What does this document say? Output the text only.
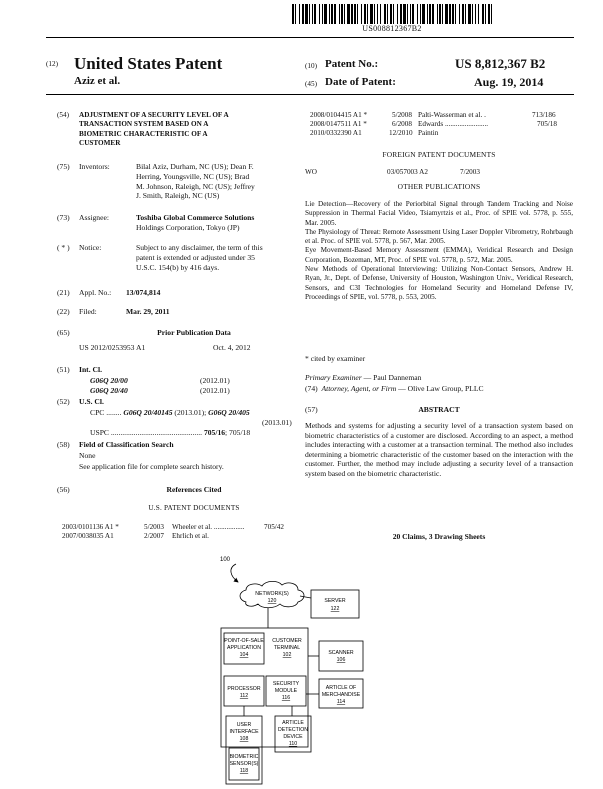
US008812367B2
(12) United States Patent
Aziz et al.
(10) Patent No.:	US 8,812,367 B2
(45) Date of Patent:	Aug. 19, 2014
(54) ADJUSTMENT OF A SECURITY LEVEL OF A
TRANSACTION SYSTEM BASED ON A
BIOMETRIC CHARACTERISTIC OF A
CUSTOMER
(75) Inventors:	Bilal Aziz, Durham, NC (US); Dean F.
Herring, Youngsville, NC (US); Brad
M. Johnson, Raleigh, NC (US); Jeffrey
J. Smith, Raleigh, NC (US)
(73) Assignee:	Toshiba Global Commerce Solutions
Holdings Corporation, Tokyo (JP)
( * ) Notice:	Subject to any disclaimer, the term of this
patent is extended or adjusted under 35
U.S.C. 154(b) by 416 days.
(21) Appl. No.: 13/074,814
(22) Filed:	Mar. 29, 2011
(65)	Prior Publication Data
US 2012/0253953 A1	Oct. 4, 2012
(51) Int. Cl.
G06Q 20/00	(2012.01)
G06Q 20/40	(2012.01)
(52) U.S. Cl.
CPC ........ G06Q 20/40145 (2013.01); G06Q 20/405
(2013.01)
USPC ................................................ 705/16; 705/18
(58) Field of Classification Search
None
See application file for complete search history.
(56)	References Cited
U.S. PATENT DOCUMENTS
2003/0101136 A1 *	5/2003 Wheeler et al. .................	705/42
2007/0038035 A1	2/2007 Ehrlich et al.
2008/0104415 A1 *	5/2008 Palti-Wasserman et al. .	713/186
2008/0147511 A1 *	6/2008 Edwards ........................	705/18
2010/0332390 A1	12/2010 Paintin
FOREIGN PATENT DOCUMENTS
WO	03/057003 A2	7/2003
OTHER PUBLICATIONS
Lie Detection—Recovery of the Periorbital Signal through Tandem Tracking and Noise Suppression in Thermal Facial Video, Tsiamyrtzis et al., Proc. of SPIE vol. 5778, p. 555, Mar. 2005.
The Physiology of Threat: Remote Assessment Using Laser Doppler Vibrometry, Rohrbaugh et al. Proc. of SPIE vol. 5778, p. 567, Mar. 2005.
Eye Movement-Based Memory Assessment (EMMA), Veridical Research and Design Corporation, Bozeman, MT, Proc. of SPIE vol. 5778, p. 572, Mar. 2005.
New Methods of Operational Interviewing: Utilizing Non-Contact Sensors, Andrew H. Ryan, Jr., Dept. of Defense, University of Houston, Washington Univ., Veridical Research, Sensors, and C3I Technologies for Homeland Security and Homeland Defense IV, Proceedings of SPIE, vol. 5778, p. 553, 2005.
* cited by examiner
Primary Examiner — Paul Danneman
(74) Attorney, Agent, or Firm — Olive Law Group, PLLC
(57)	ABSTRACT
Methods and systems for adjusting a security level of a transaction system based on biometric characteristics of a customer are disclosed. According to an aspect, a method includes interacting with a customer at a transaction terminal. The method also includes determining a biometric characteristic of the customer based on the interaction with the customer. Further, the method may include adjusting a security level of a transaction system based on the biometric characteristic.
20 Claims, 3 Drawing Sheets
100
NETWORK(S)
120	SERVER
122
POINT-OF-SALE
APPLICATION
104
CUSTOMER
TERMINAL
102	SCANNER
106
PROCESSOR
112
SECURITY
MODULE
116
ARTICLE OF
MERCHANDISE
114
USER
INTERFACE
108
BIOMETRIC
SENSOR(S)
118
ARTICLE
DETECTION
DEVICE
110
